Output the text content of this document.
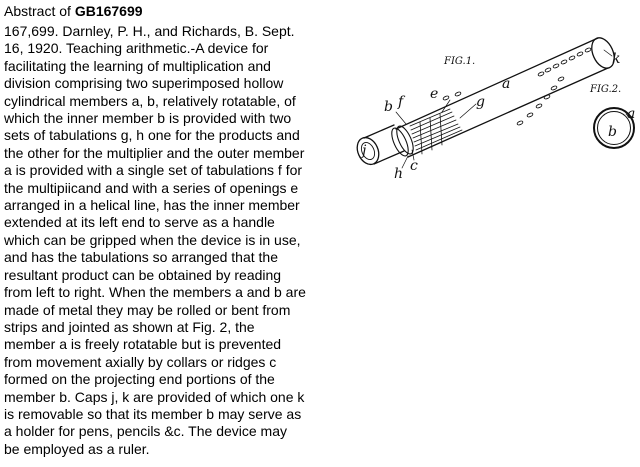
Abstract of GB167699

167,699. Darnley, P. H., and Richards, B. Sept.
16, 1920. Teaching arithmetic.-A device for
facilitating the learning of multiplication and
division comprising two superimposed hollow
cylindrical members a, b, relatively rotatable, of
which the inner member b is provided with two
sets of tabulations g, h one for the products and
the other for the multiplier and the outer member
a is provided with a single set of tabulations f for
the multipiicand and with a series of openings e
arranged in a helical line, has the inner member
extended at its left end to serve as a handle
which can be gripped when the device is in use,
and has the tabulations so arranged that the
resultant product can be obtained by reading
from left to right. When the members a and b are
made of metal they may be rolled or bent from
strips and jointed as shown at Fig. 2, the
member a is freely rotatable but is prevented
from movement axially by collars or ridges c
formed on the projecting end portions of the
member b. Caps j, k are provided of which one k
is removable so that its member b may serve as
a holder for pens, pencils &c. The device may
be employed as a ruler.

FIG.1.
FIG.2.
a
k
b f e	g
j
h c
a
b
